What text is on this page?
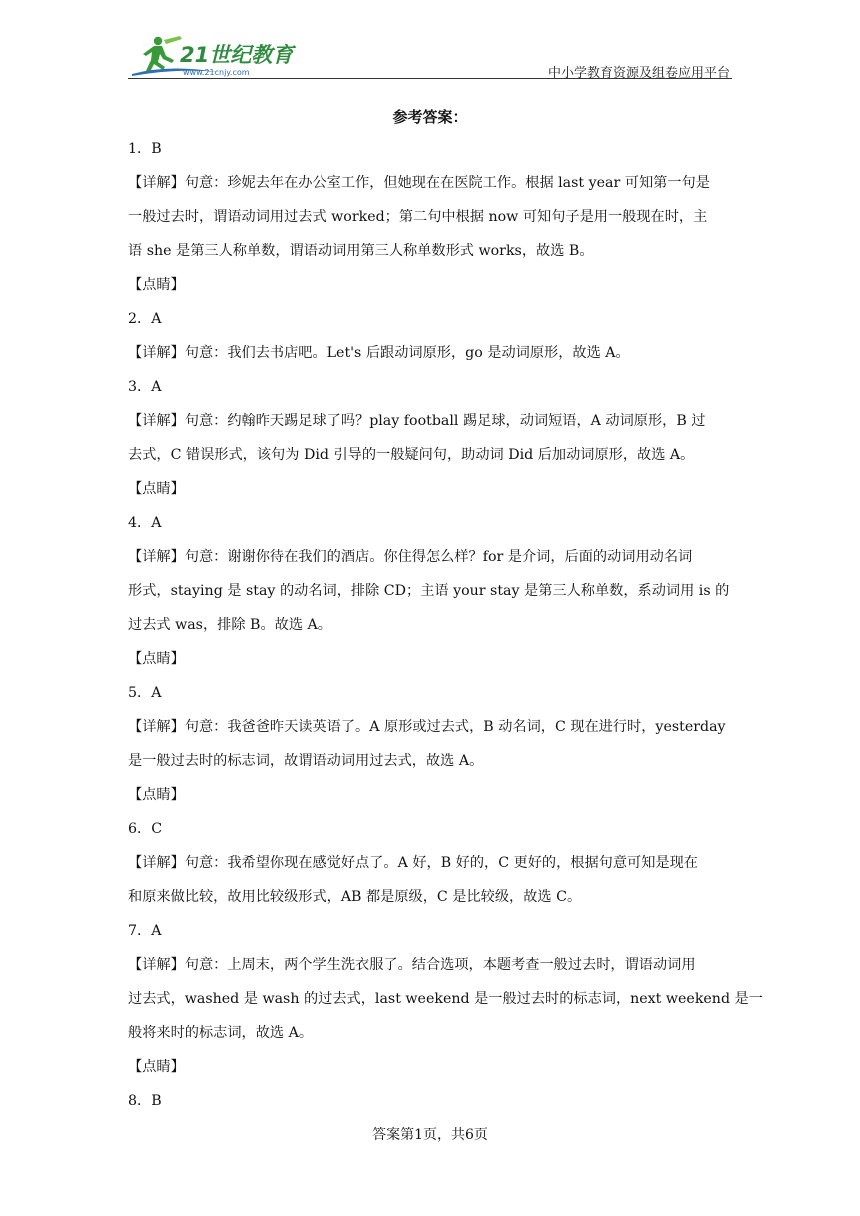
21世纪教育
www.21cnjy.com	中小学教育资源及组卷应用平台
参考答案：
1．B
【详解】句意：珍妮去年在办公室工作，但她现在在医院工作。根据 last year 可知第一句是
一般过去时，谓语动词用过去式 worked；第二句中根据 now 可知句子是用一般现在时，主
语 she 是第三人称单数，谓语动词用第三人称单数形式 works，故选 B。
【点睛】
2．A
【详解】句意：我们去书店吧。Let's 后跟动词原形，go 是动词原形，故选 A。
3．A
【详解】句意：约翰昨天踢足球了吗？play football 踢足球，动词短语，A 动词原形，B 过
去式，C 错误形式，该句为 Did 引导的一般疑问句，助动词 Did 后加动词原形，故选 A。
【点睛】
4．A
【详解】句意：谢谢你待在我们的酒店。你住得怎么样？for 是介词，后面的动词用动名词
形式，staying 是 stay 的动名词，排除 CD；主语 your stay 是第三人称单数，系动词用 is 的
过去式 was，排除 B。故选 A。
【点睛】
5．A
【详解】句意：我爸爸昨天读英语了。A 原形或过去式，B 动名词，C 现在进行时，yesterday
是一般过去时的标志词，故谓语动词用过去式，故选 A。
【点睛】
6．C
【详解】句意：我希望你现在感觉好点了。A 好，B 好的，C 更好的，根据句意可知是现在
和原来做比较，故用比较级形式，AB 都是原级，C 是比较级，故选 C。
7．A
【详解】句意：上周末，两个学生洗衣服了。结合选项，本题考查一般过去时，谓语动词用
过去式，washed 是 wash 的过去式，last weekend 是一般过去时的标志词，next weekend 是一
般将来时的标志词，故选 A。
【点睛】
8．B
答案第1页，共6页
